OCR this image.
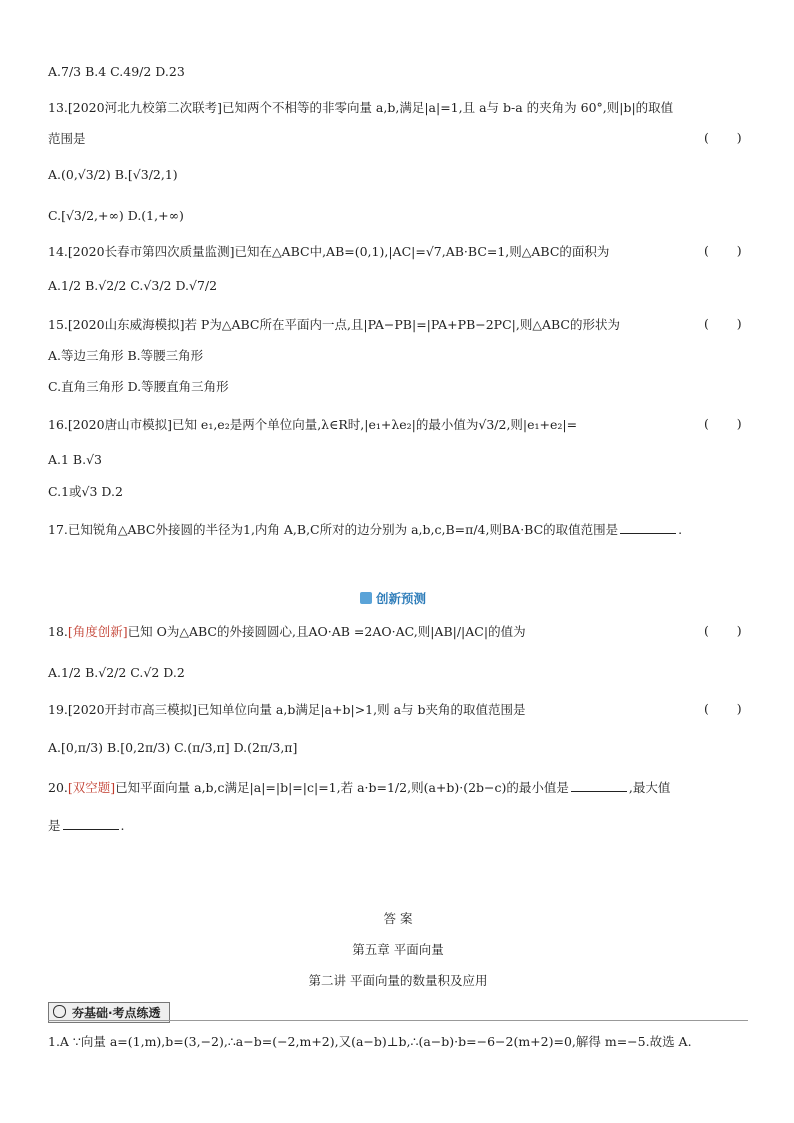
A.7/3 B.4 C.49/2 D.23
13.[2020河北九校第二次联考]已知两个不相等的非零向量 a,b,满足|a|=1,且 a与 b-a 的夹角为 60°,则|b|的取值
范围是	(       )
A.(0,√3/2) B.[√3/2,1)
C.[√3/2,+∞) D.(1,+∞)
14.[2020长春市第四次质量监测]已知在△ABC中,AB=(0,1),|AC|=√7,AB·BC=1,则△ABC的面积为	(       )
A.1/2 B.√2/2 C.√3/2 D.√7/2
15.[2020山东威海模拟]若 P为△ABC所在平面内一点,且|PA−PB|=|PA+PB−2PC|,则△ABC的形状为	(       )
A.等边三角形 B.等腰三角形
C.直角三角形 D.等腰直角三角形
16.[2020唐山市模拟]已知 e₁,e₂是两个单位向量,λ∈R时,|e₁+λe₂|的最小值为√3/2,则|e₁+e₂|=	(       )
A.1 B.√3
C.1或√3 D.2
17.已知锐角△ABC外接圆的半径为1,内角 A,B,C所对的边分别为 a,b,c,B=π/4,则BA·BC的取值范围是	.
创新预测
18.[角度创新]已知 O为△ABC的外接圆圆心,且AO·AB =2AO·AC,则|AB|/|AC|的值为	(       )
A.1/2 B.√2/2 C.√2 D.2
19.[2020开封市高三模拟]已知单位向量 a,b满足|a+b|>1,则 a与 b夹角的取值范围是	(       )
A.[0,π/3) B.[0,2π/3) C.(π/3,π] D.(2π/3,π]
20.[双空题]已知平面向量 a,b,c满足|a|=|b|=|c|=1,若 a·b=1/2,则(a+b)·(2b−c)的最小值是	,最大值
是	.
答 案
第五章 平面向量
第二讲 平面向量的数量积及应用
夯基础·考点练透
1.A ∵向量 a=(1,m),b=(3,−2),∴a−b=(−2,m+2),又(a−b)⊥b,∴(a−b)·b=−6−2(m+2)=0,解得 m=−5.故选 A.
